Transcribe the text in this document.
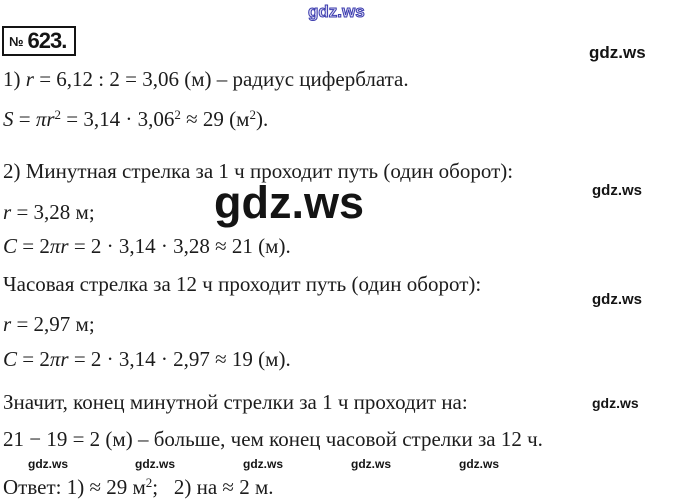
gdz.ws
gdz.ws
gdz.ws
gdz.ws
gdz.ws
gdz.ws
gdz.ws	gdz.ws	gdz.ws	gdz.ws	gdz.ws
№ 623.
1) r = 6,12 : 2 = 3,06 (м) – радиус циферблата.
$S = \pi r^2 = 3,14 \cdot 3,06^2 \approx 29$ $(м^2)$.
2) Минутная стрелка за 1 ч проходит путь (один оборот):
r = 3,28 м;
C = 2πr = 2 · 3,14 · 3,28 ≈ 21 (м).
Часовая стрелка за 12 ч проходит путь (один оборот):
r = 2,97 м;
C = 2πr = 2 · 3,14 · 2,97 ≈ 19 (м).
Значит, конец минутной стрелки за 1 ч проходит на:
21 − 19 = 2 (м) – больше, чем конец часовой стрелки за 12 ч.
Ответ: 1) ≈ 29 $м^2$;   2) на ≈ 2 м.
